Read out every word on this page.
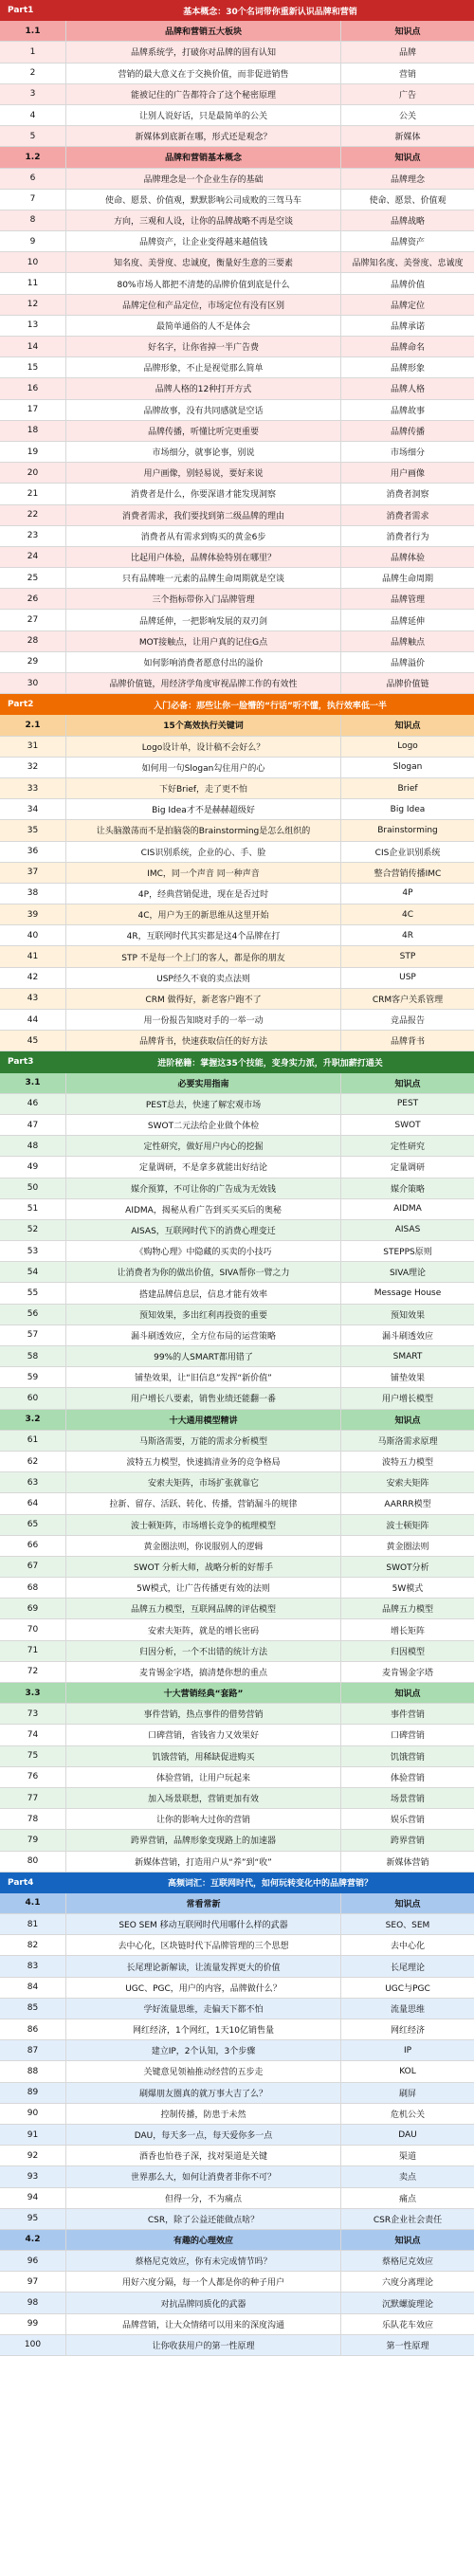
Part1	基本概念：30个名词带你重新认识品牌和营销
1.1	品牌和营销五大板块	知识点
1	品牌系统学，打破你对品牌的固有认知	品牌
2	营销的最大意义在于交换价值，而非促进销售	营销
3	能被记住的广告都符合了这个秘密原理	广告
4	让别人说好话，只是最简单的公关	公关
5	新媒体到底新在哪，形式还是观念？	新媒体
1.2	品牌和营销基本概念	知识点
6	品牌理念是一个企业生存的基础	品牌理念
7	使命、愿景、价值观，默默影响公司成败的三驾马车	使命、愿景、价值观
8	方向，三观和人设，让你的品牌战略不再是空谈	品牌战略
9	品牌资产，让企业变得越来越值钱	品牌资产
10	知名度、美誉度、忠诚度，衡量好生意的三要素	品牌知名度、美誉度、忠诚度
11	80%市场人都把不清楚的品牌价值到底是什么	品牌价值
12	品牌定位和产品定位，市场定位有没有区别	品牌定位
13	最简单通俗的人不是体会	品牌承诺
14	好名字，让你省掉一半广告费	品牌命名
15	品牌形象，不止是视觉那么简单	品牌形象
16	品牌人格的12种打开方式	品牌人格
17	品牌故事，没有共同感就是空话	品牌故事
18	品牌传播，听懂比听完更重要	品牌传播
19	市场细分，就事论事，别说	市场细分
20	用户画像，别轻易说，要好来说	用户画像
21	消费者是什么，你要深谱才能发现洞察	消费者洞察
22	消费者需求，我们要找到第二级品牌的理由	消费者需求
23	消费者从有需求到购买的黄金6步	消费者行为
24	比起用户体验，品牌体验特别在哪里？	品牌体验
25	只有品牌唯一元素的品牌生命周期就是空谈	品牌生命周期
26	三个指标带你入门品牌管理	品牌管理
27	品牌延伸，一把影响发展的双刃剑	品牌延伸
28	MOT接触点，让用户真的记住G点	品牌触点
29	如何影响消费者愿意付出的溢价	品牌溢价
30	品牌价值链，用经济学角度审视品牌工作的有效性	品牌价值链
Part2	入门必备：那些让你一脸懵的“行话”听不懂，执行效率低一半
2.1	15个高效执行关键词	知识点
31	Logo设计单，设计稿不会好么？	Logo
32	如何用一句Slogan勾住用户的心	Slogan
33	下好Brief，走了更不怕	Brief
34	Big Idea才不是赫赫超级好	Big Idea
35	让头脑激荡而不是拍脑袋的Brainstorming是怎么组织的	Brainstorming
36	CIS识别系统，企业的心、手、脸	CIS企业识别系统
37	IMC，同一个声音 同一种声音	整合营销传播IMC
38	4P，经典营销促进，现在是否过时	4P
39	4C，用户为王的新思维从这里开始	4C
40	4R，互联网时代其实都是这4个品牌在打	4R
41	STP 不是每一个上门的客人，都是你的朋友	STP
42	USP经久不衰的卖点法则	USP
43	CRM 做得好，新老客户跑不了	CRM客户关系管理
44	用一份报告知晓对手的一举一动	竞品报告
45	品牌背书，快速获取信任的好方法	品牌背书
Part3	进阶秘籍：掌握这35个技能，变身实力派，升职加薪打通关
3.1	必要实用指南	知识点
46	PEST总去，快速了解宏观市场	PEST
47	SWOT二元法给企业做个体检	SWOT
48	定性研究，做好用户内心的挖掘	定性研究
49	定量调研，不是拿多就能出好结论	定量调研
50	媒介预算，不可让你的广告成为无效钱	媒介策略
51	AIDMA，揭秘从看广告到买买买后的奥秘	AIDMA
52	AISAS，互联网时代下的消费心理变迁	AISAS
53	《购物心理》中隐藏的买卖的小技巧	STEPPS原则
54	让消费者为你的做出价值，SIVA帮你一臂之力	SIVA理论
55	搭建品牌信息层，信息才能有效率	Message House
56	预知效果，多出红利再投资的重要	预知效果
57	漏斗刷透效应，全方位布局的运营策略	漏斗刷透效应
58	99%的人SMART都用错了	SMART
59	铺垫效果，让“旧信息”发挥“新价值”	铺垫效果
60	用户增长八要素，销售业绩还能翻一番	用户增长模型
3.2	十大通用模型精讲	知识点
61	马斯洛需要，万能的需求分析模型	马斯洛需求原理
62	波特五力模型，快速搞清业务的竞争格局	波特五力模型
63	安索夫矩阵，市场扩张就靠它	安索夫矩阵
64	拉新、留存、活跃、转化、传播，营销漏斗的规律	AARRR模型
65	波士顿矩阵，市场增长竞争的梳理模型	波士顿矩阵
66	黄金圈法则，你说服别人的逻辑	黄金圈法则
67	SWOT 分析大师，战略分析的好帮手	SWOT分析
68	5W模式，让广告传播更有效的法则	5W模式
69	品牌五力模型，互联网品牌的评估模型	品牌五力模型
70	安索夫矩阵，就是的增长密码	增长矩阵
71	归因分析，一个不出错的统计方法	归因模型
72	麦肯锡金字塔，搞清楚你想的重点	麦肯锡金字塔
3.3	十大营销经典“套路”	知识点
73	事件营销，热点事件的借势营销	事件营销
74	口碑营销，省钱省力又效果好	口碑营销
75	饥饿营销，用稀缺促进购买	饥饿营销
76	体验营销，让用户玩起来	体验营销
77	加入场景联想，营销更加有效	场景营销
78	让你的影响大过你的营销	娱乐营销
79	跨界营销，品牌形象变现路上的加速器	跨界营销
80	新媒体营销，打造用户从“养”到“收”	新媒体营销
Part4	高频词汇：互联网时代，如何玩转变化中的品牌营销？
4.1	常看常新	知识点
81	SEO SEM 移动互联网时代用哪什么样的武器	SEO、SEM
82	去中心化，区块链时代下品牌管理的三个思想	去中心化
83	长尾理论新解读，让流量发挥更大的价值	长尾理论
84	UGC、PGC，用户的内容，品牌做什么？	UGC与PGC
85	学好流量思维，走偏天下都不怕	流量思维
86	网红经济，1个网红，1天10亿销售量	网红经济
87	建立IP，2个认知，3个步骤	IP
88	关键意见领袖推动经营的五步走	KOL
89	刷爆朋友圈真的就万事大吉了么？	刷屏
90	控制传播，防患于未然	危机公关
91	DAU，每天多一点，每天爱你多一点	DAU
92	酒香也怕巷子深，找对渠道是关键	渠道
93	世界那么大，如何让消费者非你不可？	卖点
94	但得一分，不为痛点	痛点
95	CSR，除了公益还能做点啥？	CSR企业社会责任
4.2	有趣的心理效应	知识点
96	蔡格尼克效应，你有未完成情节吗？	蔡格尼克效应
97	用好六度分隔，每一个人都是你的种子用户	六度分离理论
98	对抗品牌同质化的武器	沉默螺旋理论
99	品牌营销，让大众情绪可以用来的深度沟通	乐队花车效应
100	让你收获用户的第一性原理	第一性原理
